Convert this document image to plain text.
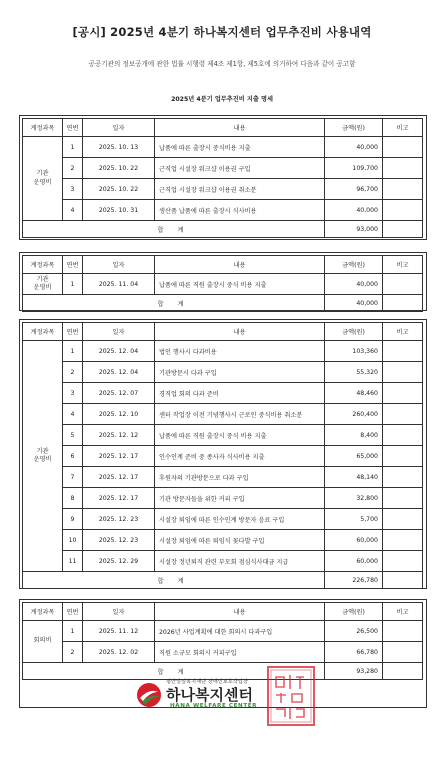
[공시] 2025년 4분기 하나복지센터 업무추진비 사용내역
공공기관의 정보공개에 관한 법률 시행령 제4조 제1항, 제5호에 의거하여 다음과 같이 공고함
2025년 4분기 업무추진비 지출 명세
계정과목	연번	일자	내용	금액(원)	비고
기관
운영비	1	2025. 10. 13	납품에 따른 출장시 중식비용 지출	40,000	
	2	2025. 10. 22	근직업 시설장 워크샵 이용권 구입	109,700	
	3	2025. 10. 22	근직업 시설장 워크샵 이용권 취소분	96,700	
	4	2025. 10. 31	생산품 납품에 따른 출장시 식사비용	40,000	
합 계				93,000	
계정과목	연번	일자	내용	금액(원)	비고
기관
운영비	1	2025. 11. 04	납품에 따른 직원 출장시 중식 비용 지출	40,000	
합 계				40,000	
계정과목	연번	일자	내용	금액(원)	비고
기관
운영비	1	2025. 12. 04	법인 행사시 다과비용	103,360	
	2	2025. 12. 04	기관방문시 다과 구입	55,320	
	3	2025. 12. 07	경직업 회의 다과 준비	48,460	
	4	2025. 12. 10	센터 작업장 이전 기념행사시 근로인 중식비용 취소분	260,400	
	5	2025. 12. 12	납품에 따른 직원 출장시 중식 비용 지출	8,400	
	6	2025. 12. 17	인수인계 준비 중 종사자 식사비용 지출	65,000	
	7	2025. 12. 17	후원자의 기관방문으로 다과 구입	48,140	
	8	2025. 12. 17	기관 방문자들을 위한 커피 구입	32,800	
	9	2025. 12. 23	시설장 퇴임에 따른 인수인계 방문자 음료 구입	5,700	
	10	2025. 12. 23	시설장 퇴임에 따른 퇴임식 꽃다발 구입	60,000	
	11	2025. 12. 29	시설장 정년퇴직 관련 부모회 점심식사대금 지급	60,000	
합 계				226,780	
계정과목	연번	일자	내용	금액(원)	비고
회의비	1	2025. 11. 12	2026년 사업계획에 대한 회의시 다과구입	26,500	
	2	2025. 12. 02	직원 소규모 회의시 커피구입	66,780	
합 계				93,280	
평안일일복지재단 장애인보호작업장
하나복지센터
HANA WELFARE CENTER
